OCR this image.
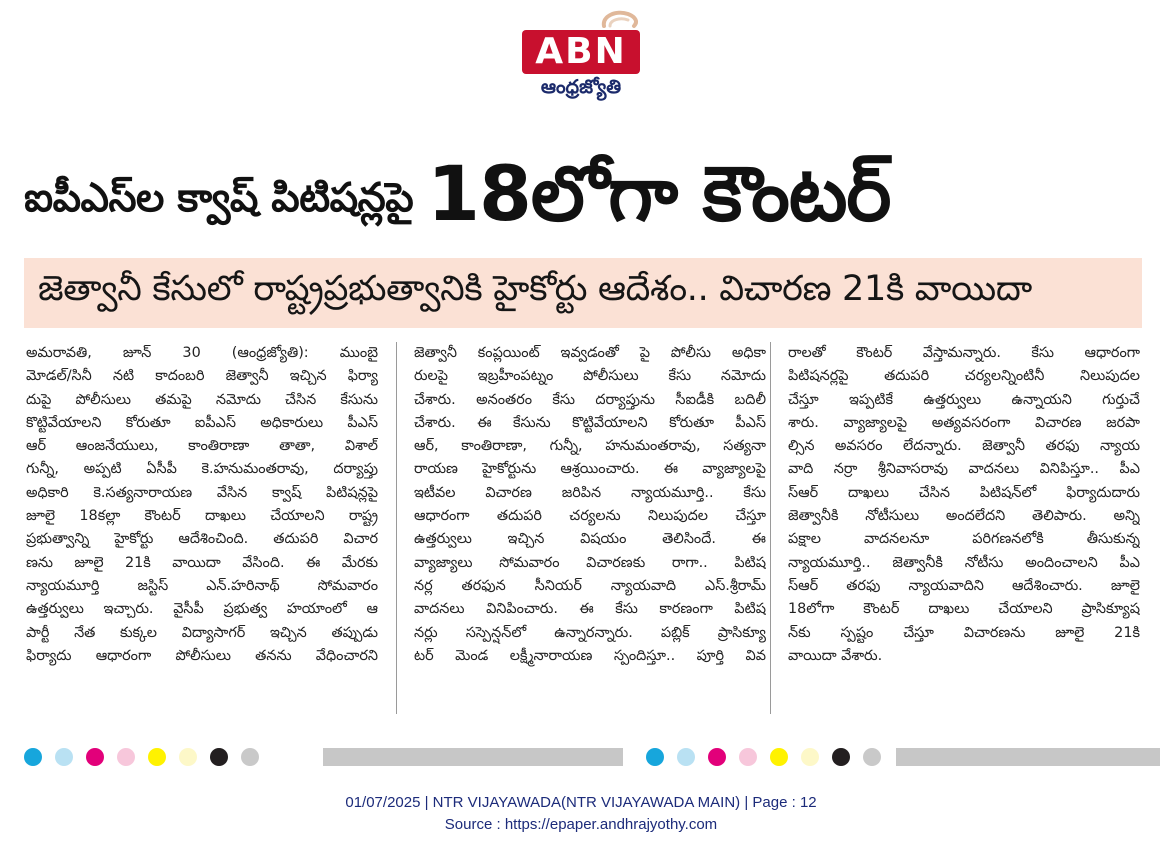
ABN
ఆంధ్రజ్యోతి
ఐపీఎస్‌ల క్వాష్‌ పిటిషన్లపై 18లోగా కౌంటర్‌
జెత్వానీ కేసులో రాష్ట్రప్రభుత్వానికి హైకోర్టు ఆదేశం.. విచారణ 21కి వాయిదా

అమరావతి, జూన్‌ 30 (ఆంధ్రజ్యోతి): ముంబై

మోడల్‌/సినీ నటి కాదంబరి జెత్వానీ ఇచ్చిన ఫిర్యా

దుపై పోలీసులు తమపై నమోదు చేసిన కేసును

కొట్టివేయాలని కోరుతూ ఐపీఎస్‌ అధికారులు పీఎస్‌

ఆర్‌ ఆంజనేయులు, కాంతిరాణా తాతా, విశాల్‌

గున్నీ, అప్పటి ఏసీపీ కె.హనుమంతరావు, దర్యాప్తు

అధికారి కె.సత్యనారాయణ వేసిన క్వాష్‌ పిటిషన్లపై

జూలై 18కల్లా కౌంటర్‌ దాఖలు చేయాలని రాష్ట్ర

ప్రభుత్వాన్ని హైకోర్టు ఆదేశించింది. తదుపరి విచార

ణను జూలై 21కి వాయిదా వేసింది. ఈ మేరకు

న్యాయమూర్తి జస్టిస్‌ ఎన్‌.హరినాథ్‌ సోమవారం

ఉత్తర్వులు ఇచ్చారు. వైసీపీ ప్రభుత్వ హయాంలో ఆ

పార్టీ నేత కుక్కల విద్యాసాగర్‌ ఇచ్చిన తప్పుడు

ఫిర్యాదు ఆధారంగా పోలీసులు తనను వేధించారని

జెత్వానీ కంప్లయింట్‌ ఇవ్వడంతో పై పోలీసు అధికా

రులపై ఇబ్రహీంపట్నం పోలీసులు కేసు నమోదు

చేశారు. అనంతరం కేసు దర్యాప్తును సీఐడీకి బదిలీ

చేశారు. ఈ కేసును కొట్టివేయాలని కోరుతూ పీఎస్‌

ఆర్‌, కాంతిరాణా, గున్నీ, హనుమంతరావు, సత్యనా

రాయణ హైకోర్టును ఆశ్రయించారు. ఈ వ్యాజ్యాలపై

ఇటీవల విచారణ జరిపిన న్యాయమూర్తి.. కేసు

ఆధారంగా తదుపరి చర్యలను నిలుపుదల చేస్తూ

ఉత్తర్వులు ఇచ్చిన విషయం తెలిసిందే. ఈ

వ్యాజ్యాలు సోమవారం విచారణకు రాగా.. పిటిష

నర్ల తరఫున సీనియర్‌ న్యాయవాది ఎస్‌.శ్రీరామ్‌

వాదనలు వినిపించారు. ఈ కేసు కారణంగా పిటిష

నర్లు సస్పెన్షన్‌లో ఉన్నారన్నారు. పబ్లిక్‌ ప్రాసిక్యూ

టర్‌ మెండ లక్ష్మీనారాయణ స్పందిస్తూ.. పూర్తి వివ

రాలతో కౌంటర్‌ వేస్తామన్నారు. కేసు ఆధారంగా

పిటిషనర్లపై తదుపరి చర్యలన్నింటినీ నిలుపుదల

చేస్తూ ఇప్పటికే ఉత్తర్వులు ఉన్నాయని గుర్తుచే

శారు. వ్యాజ్యాలపై అత్యవసరంగా విచారణ జరపా

ల్సిన అవసరం లేదన్నారు. జెత్వానీ తరఫు న్యాయ

వాది నర్రా శ్రీనివాసరావు వాదనలు వినిపిస్తూ.. పీఎ

స్‌ఆర్‌ దాఖలు చేసిన పిటిషన్‌లో ఫిర్యాదుదారు

జెత్వానీకి నోటీసులు అందలేదని తెలిపారు. అన్ని

పక్షాల వాదనలనూ పరిగణనలోకి తీసుకున్న

న్యాయమూర్తి.. జెత్వానీకి నోటీసు అందించాలని పీఎ

స్‌ఆర్‌ తరఫు న్యాయవాదిని ఆదేశించారు. జూలై

18లోగా కౌంటర్‌ దాఖలు చేయాలని ప్రాసిక్యూష

న్‌కు స్పష్టం చేస్తూ విచారణను జూలై 21కి

వాయిదా వేశారు.

01/07/2025 | NTR VIJAYAWADA(NTR VIJAYAWADA MAIN) | Page : 12
Source : https://epaper.andhrajyothy.com
